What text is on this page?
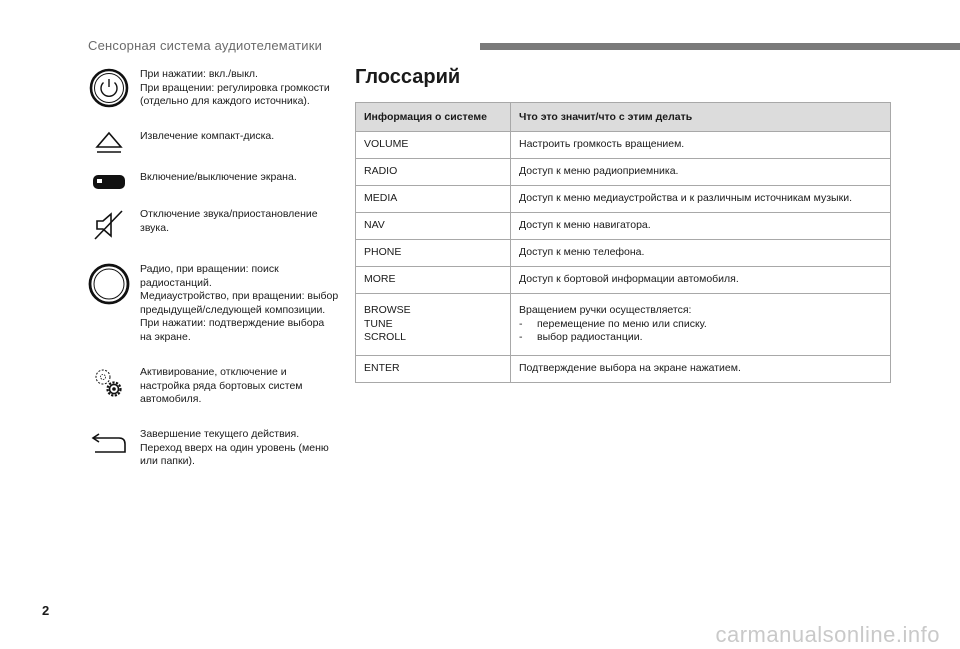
Сенсорная система аудиотелематики
При нажатии: вкл./выкл.
При вращении: регулировка громкости
(отдельно для каждого источника).
Извлечение компакт-диска.
Включение/выключение экрана.
Отключение звука/приостановление
звука.
Радио, при вращении: поиск
радиостанций.
Медиаустройство, при вращении: выбор
предыдущей/следующей композиции.
При нажатии: подтверждение выбора
на экране.
Активирование, отключение и
настройка ряда бортовых систем
автомобиля.
Завершение текущего действия.
Переход вверх на один уровень (меню
или папки).
Глоссарий
Информация о системе	Что это значит/что с этим делать
VOLUME	Настроить громкость вращением.
RADIO	Доступ к меню радиоприемника.
MEDIA	Доступ к меню медиаустройства и к различным источникам музыки.
NAV	Доступ к меню навигатора.
PHONE	Доступ к меню телефона.
MORE	Доступ к бортовой информации автомобиля.

BROWSE
TUNE
SCROLL	Вращением ручки осуществляется:
- перемещение по меню или списку.
- выбор радиостанции.

ENTER	Подтверждение выбора на экране нажатием.
2
carmanualsonline.info
